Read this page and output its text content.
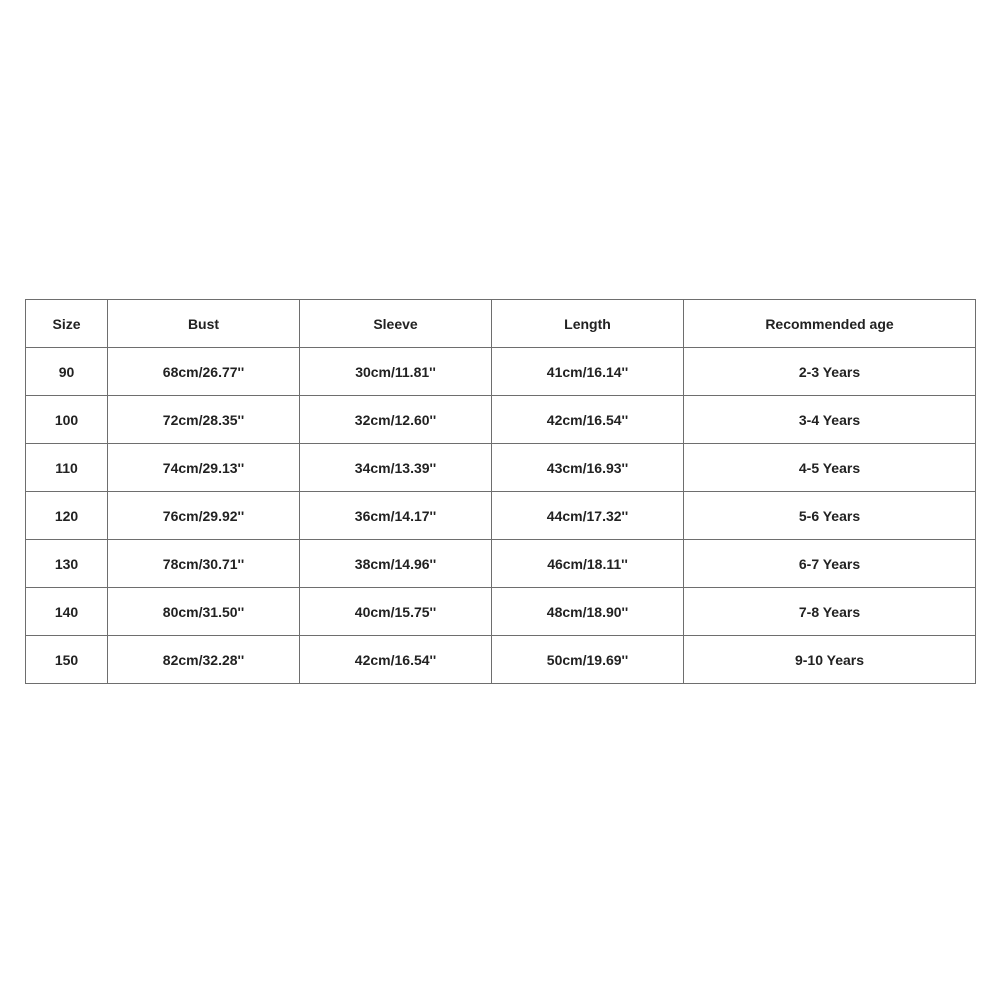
Size	Bust	Sleeve	Length	Recommended age
90	68cm/26.77''	30cm/11.81''	41cm/16.14''	2-3 Years
100	72cm/28.35''	32cm/12.60''	42cm/16.54''	3-4 Years
110	74cm/29.13''	34cm/13.39''	43cm/16.93''	4-5 Years
120	76cm/29.92''	36cm/14.17''	44cm/17.32''	5-6 Years
130	78cm/30.71''	38cm/14.96''	46cm/18.11''	6-7 Years
140	80cm/31.50''	40cm/15.75''	48cm/18.90''	7-8 Years
150	82cm/32.28''	42cm/16.54''	50cm/19.69''	9-10 Years
